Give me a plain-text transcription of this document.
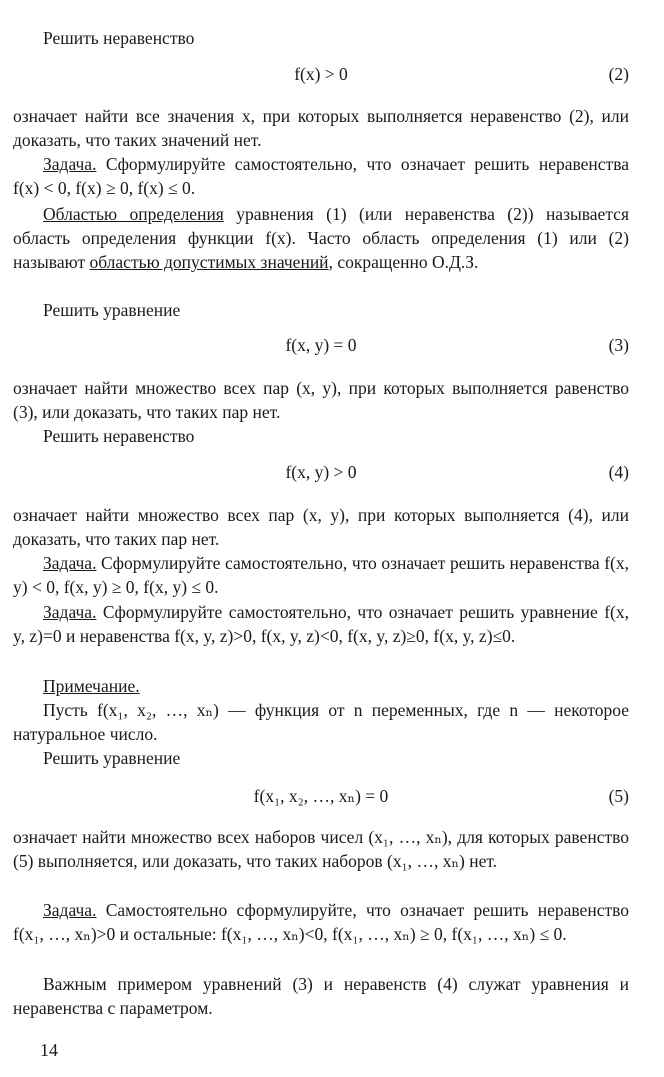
Решить неравенство
f(x) > 0	(2)
означает найти все значения x, при которых выполняется неравенство (2), или доказать, что таких значений нет.
Задача. Сформулируйте самостоятельно, что означает решить неравенства f(x) < 0, f(x) ≥ 0, f(x) ≤ 0.
Областью определения уравнения (1) (или неравенства (2)) называется область определения функции f(x). Часто область определения (1) или (2) называют областью допустимых значений, сокращенно О.Д.З.
Решить уравнение
f(x, y) = 0	(3)
означает найти множество всех пар (x, y), при которых выполняется равенство (3), или доказать, что таких пар нет.
Решить неравенство
f(x, y) > 0	(4)
означает найти множество всех пар (x, y), при которых выполняется (4), или доказать, что таких пар нет.
Задача. Сформулируйте самостоятельно, что означает решить неравенства f(x, y) < 0, f(x, y) ≥ 0, f(x, y) ≤ 0.
Задача. Сформулируйте самостоятельно, что означает решить уравнение f(x, y, z)=0 и неравенства f(x, y, z)>0, f(x, y, z)<0, f(x, y, z)≥0, f(x, y, z)≤0.
Примечание.
Пусть f(x₁, x₂, …, xₙ) — функция от n переменных, где n — некоторое натуральное число.
Решить уравнение
f(x₁, x₂, …, xₙ) = 0	(5)
означает найти множество всех наборов чисел (x₁, …, xₙ), для которых равенство (5) выполняется, или доказать, что таких наборов (x₁, …, xₙ) нет.
Задача. Самостоятельно сформулируйте, что означает решить неравенство f(x₁, …, xₙ)>0 и остальные: f(x₁, …, xₙ)<0, f(x₁, …, xₙ) ≥ 0, f(x₁, …, xₙ) ≤ 0.
Важным примером уравнений (3) и неравенств (4) служат уравнения и неравенства с параметром.
14
